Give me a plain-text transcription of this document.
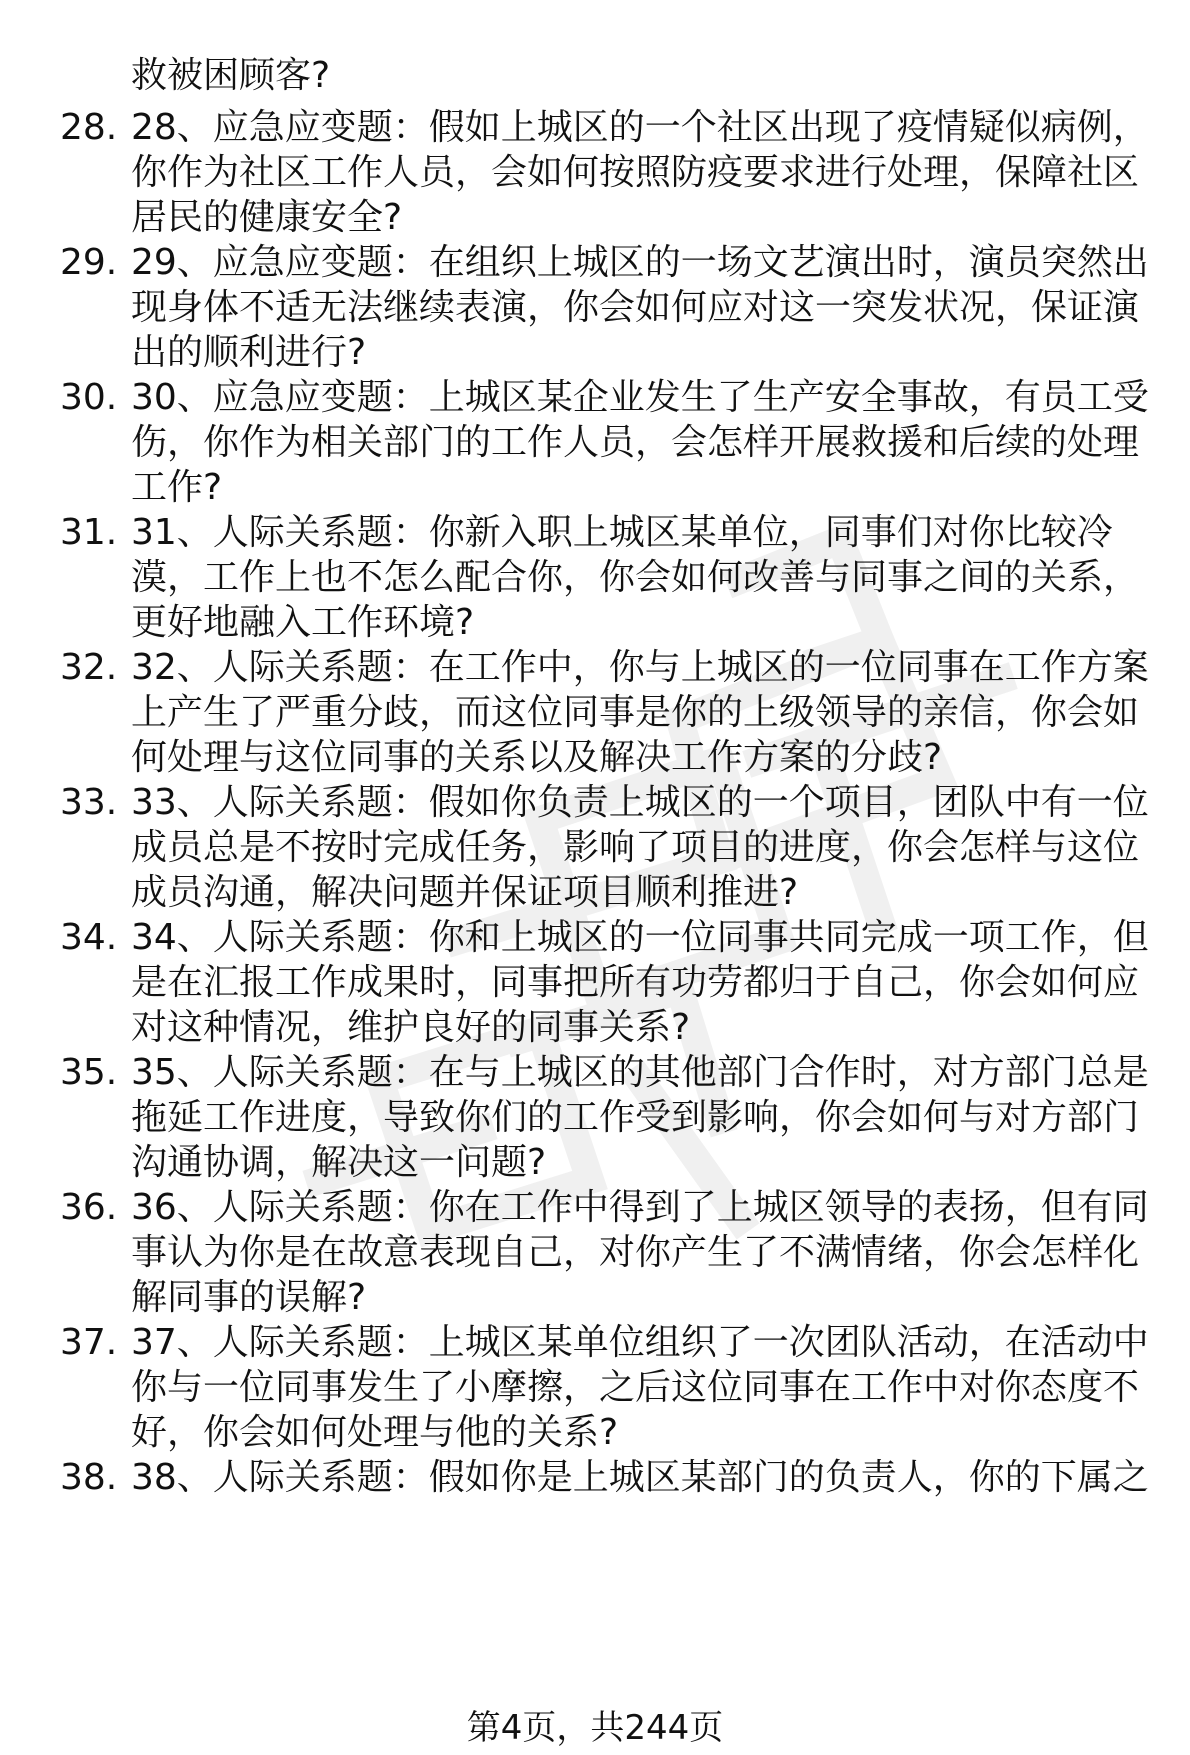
救被困顾客?
28. 28、应急应变题：假如上城区的一个社区出现了疫情疑似病例，
你作为社区工作人员，会如何按照防疫要求进行处理，保障社区
居民的健康安全?
29. 29、应急应变题：在组织上城区的一场文艺演出时，演员突然出
现身体不适无法继续表演，你会如何应对这一突发状况，保证演
出的顺利进行?
30. 30、应急应变题：上城区某企业发生了生产安全事故，有员工受
伤，你作为相关部门的工作人员，会怎样开展救援和后续的处理
工作?
31. 31、人际关系题：你新入职上城区某单位，同事们对你比较冷
漠，工作上也不怎么配合你，你会如何改善与同事之间的关系，
更好地融入工作环境?
32. 32、人际关系题：在工作中，你与上城区的一位同事在工作方案
上产生了严重分歧，而这位同事是你的上级领导的亲信，你会如
何处理与这位同事的关系以及解决工作方案的分歧?
33. 33、人际关系题：假如你负责上城区的一个项目，团队中有一位
成员总是不按时完成任务，影响了项目的进度，你会怎样与这位
成员沟通，解决问题并保证项目顺利推进?
34. 34、人际关系题：你和上城区的一位同事共同完成一项工作，但
是在汇报工作成果时，同事把所有功劳都归于自己，你会如何应
对这种情况，维护良好的同事关系?
35. 35、人际关系题：在与上城区的其他部门合作时，对方部门总是
拖延工作进度，导致你们的工作受到影响，你会如何与对方部门
沟通协调，解决这一问题?
36. 36、人际关系题：你在工作中得到了上城区领导的表扬，但有同
事认为你是在故意表现自己，对你产生了不满情绪，你会怎样化
解同事的误解?
37. 37、人际关系题：上城区某单位组织了一次团队活动，在活动中
你与一位同事发生了小摩擦，之后这位同事在工作中对你态度不
好，你会如何处理与他的关系?
38. 38、人际关系题：假如你是上城区某部门的负责人，你的下属之
第4页，共244页
